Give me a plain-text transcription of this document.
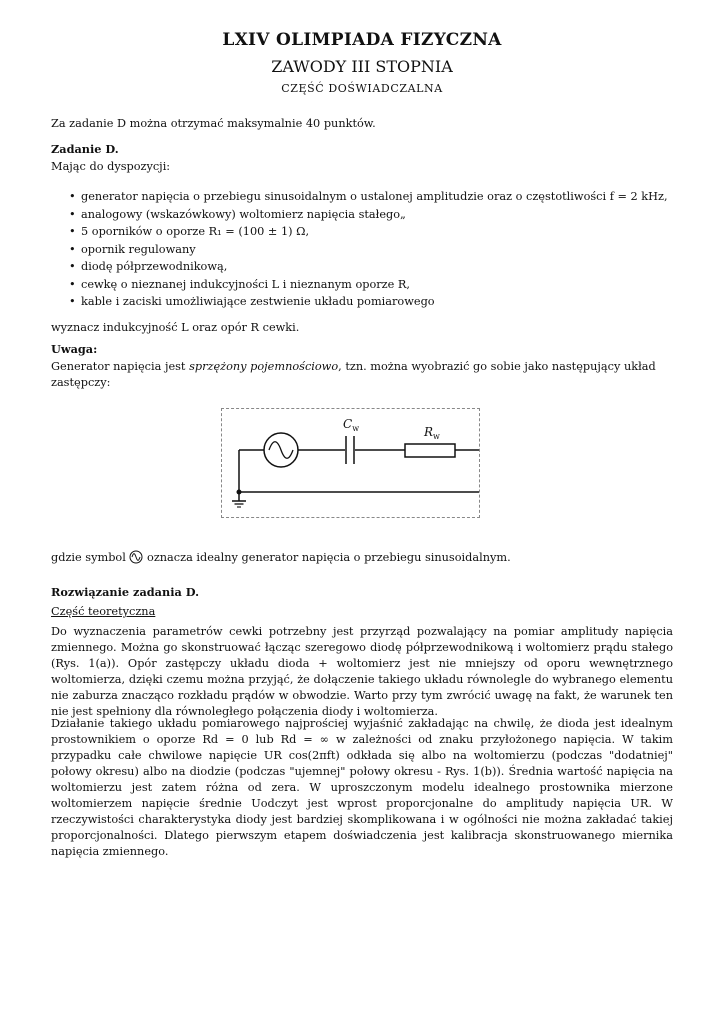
LXIV OLIMPIADA FIZYCZNA
ZAWODY III STOPNIA
CZĘŚĆ DOŚWIADCZALNA
Za zadanie D można otrzymać maksymalnie 40 punktów.
Zadanie D.
Mając do dyspozycji:
• generator napięcia o przebiegu sinusoidalnym o ustalonej amplitudzie oraz o częstotliwości f = 2 kHz,
• analogowy (wskazówkowy) woltomierz napięcia stałego„
• 5 oporników o oporze R₁ = (100 ± 1) Ω,
• opornik regulowany
• diodę półprzewodnikową,
• cewkę o nieznanej indukcyjności L i nieznanym oporze R,
• kable i zaciski umożliwiające zestwienie układu pomiarowego
wyznacz indukcyjność L oraz opór R cewki.
Uwaga:
Generator napięcia jest sprzężony pojemnościowo, tzn. można wyobrazić go sobie jako następujący układ zastępczy:
gdzie symbol oznacza idealny generator napięcia o przebiegu sinusoidalnym.
Rozwiązanie zadania D.
Część teoretyczna
Do wyznaczenia parametrów cewki potrzebny jest przyrząd pozwalający na pomiar amplitudy napięcia zmiennego. Można go skonstruować łącząc szeregowo diodę półprzewodnikową i woltomierz prądu stałego (Rys. 1(a)). Opór zastępczy układu dioda + woltomierz jest nie mniejszy od oporu wewnętrznego woltomierza, dzięki czemu można przyjąć, że dołączenie takiego układu równolegle do wybranego elementu nie zaburza znacząco rozkładu prądów w obwodzie. Warto przy tym zwrócić uwagę na fakt, że warunek ten nie jest spełniony dla równoległego połączenia diody i woltomierza.
Działanie takiego układu pomiarowego najprościej wyjaśnić zakładając na chwilę, że dioda jest idealnym prostownikiem o oporze Rd = 0 lub Rd = ∞ w zależności od znaku przyłożonego napięcia. W takim przypadku całe chwilowe napięcie UR cos(2πft) odkłada się albo na woltomierzu (podczas "dodatniej" połowy okresu) albo na diodzie (podczas "ujemnej" połowy okresu - Rys. 1(b)). Średnia wartość napięcia na woltomierzu jest zatem różna od zera. W uproszczonym modelu idealnego prostownika mierzone woltomierzem napięcie średnie Uodczyt jest wprost proporcjonalne do amplitudy napięcia UR. W rzeczywistości charakterystyka diody jest bardziej skomplikowana i w ogólności nie można zakładać takiej proporcjonalności. Dlatego pierwszym etapem doświadczenia jest kalibracja skonstruowanego miernika napięcia zmiennego.
$C_w$	$R_w$
